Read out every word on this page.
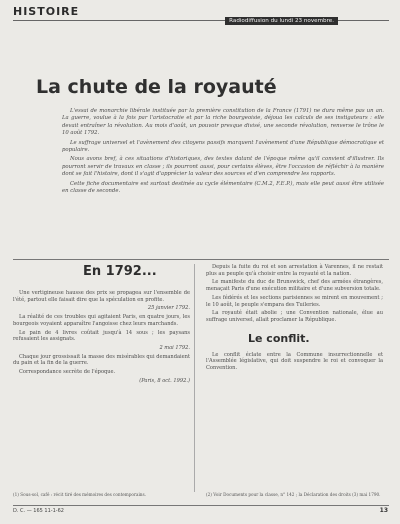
HISTOIRE
Radiodiffusion du lundi 23 novembre.
La chute de la royauté

L'essai de monarchie libérale instituée par la première constitution de la France (1791) ne dura même pas un an. La guerre, voulue à la fois par l'aristocratie et par la riche bourgeoisie, déjoua les calculs de ses instigateurs : elle devait entraîner la révolution. Au mois d'août, un pouvoir presque divisé, une seconde révolution, renverse le trône le 10 août 1792.

Le suffrage universel et l'avènement des citoyens passifs marquent l'avènement d'une République démocratique et populaire.

Nous avons bref, à ces situations d'historiques, des textes datant de l'époque même qu'il convient d'illustrer. Ils pourront servir de travaux en classe ; ils pourront aussi, pour certains élèves, être l'occasion de réfléchir à la manière dont se fait l'histoire, dont il s'agit d'apprécier la valeur des sources et d'en comprendre les rapports.

Cette fiche documentaire est surtout destinée au cycle élémentaire (C.M.2, F.E.P.), mais elle peut aussi être utilisée en classe de seconde.

En 1792...

Une vertigineuse hausse des prix se propagea sur l'ensemble de l'été, partout elle faisait dire que la spéculation en profite.

25 janvier 1792.

La réalité de ces troubles qui agitaient Paris, en quatre jours, les bourgeois voyaient apparaître l'angoisse chez leurs marchands.

Le pain de 4 livres coûtait jusqu'à 14 sous ; les paysans refusaient les assignats.

2 mai 1792.

Chaque jour grossissait la masse des misérables qui demandaient du pain et la fin de la guerre.

Correspondance secrète de l'époque.

(Paris, 8 oct. 1992.)

Depuis la fuite du roi et son arrestation à Varennes, il ne restait plus au peuple qu'à choisir entre la royauté et la nation.

Le manifeste du duc de Brunswick, chef des armées étrangères, menaçait Paris d'une exécution militaire et d'une subversion totale.

Les fédérés et les sections parisiennes se mirent en mouvement ; le 10 août, le peuple s'empara des Tuileries.

La royauté était abolie ; une Convention nationale, élue au suffrage universel, allait proclamer la République.

Le conflit.

Le conflit éclate entre la Commune insurrectionnelle et l'Assemblée législative, qui doit suspendre le roi et convoquer la Convention.

(1) Sous-sol, café : récit tiré des mémoires des contemporains.	(2) Voir Documents pour la classe, n° 142 ; la Déclaration des droits (3) mai 1790.
D. C. — 165 11-1-62	13
